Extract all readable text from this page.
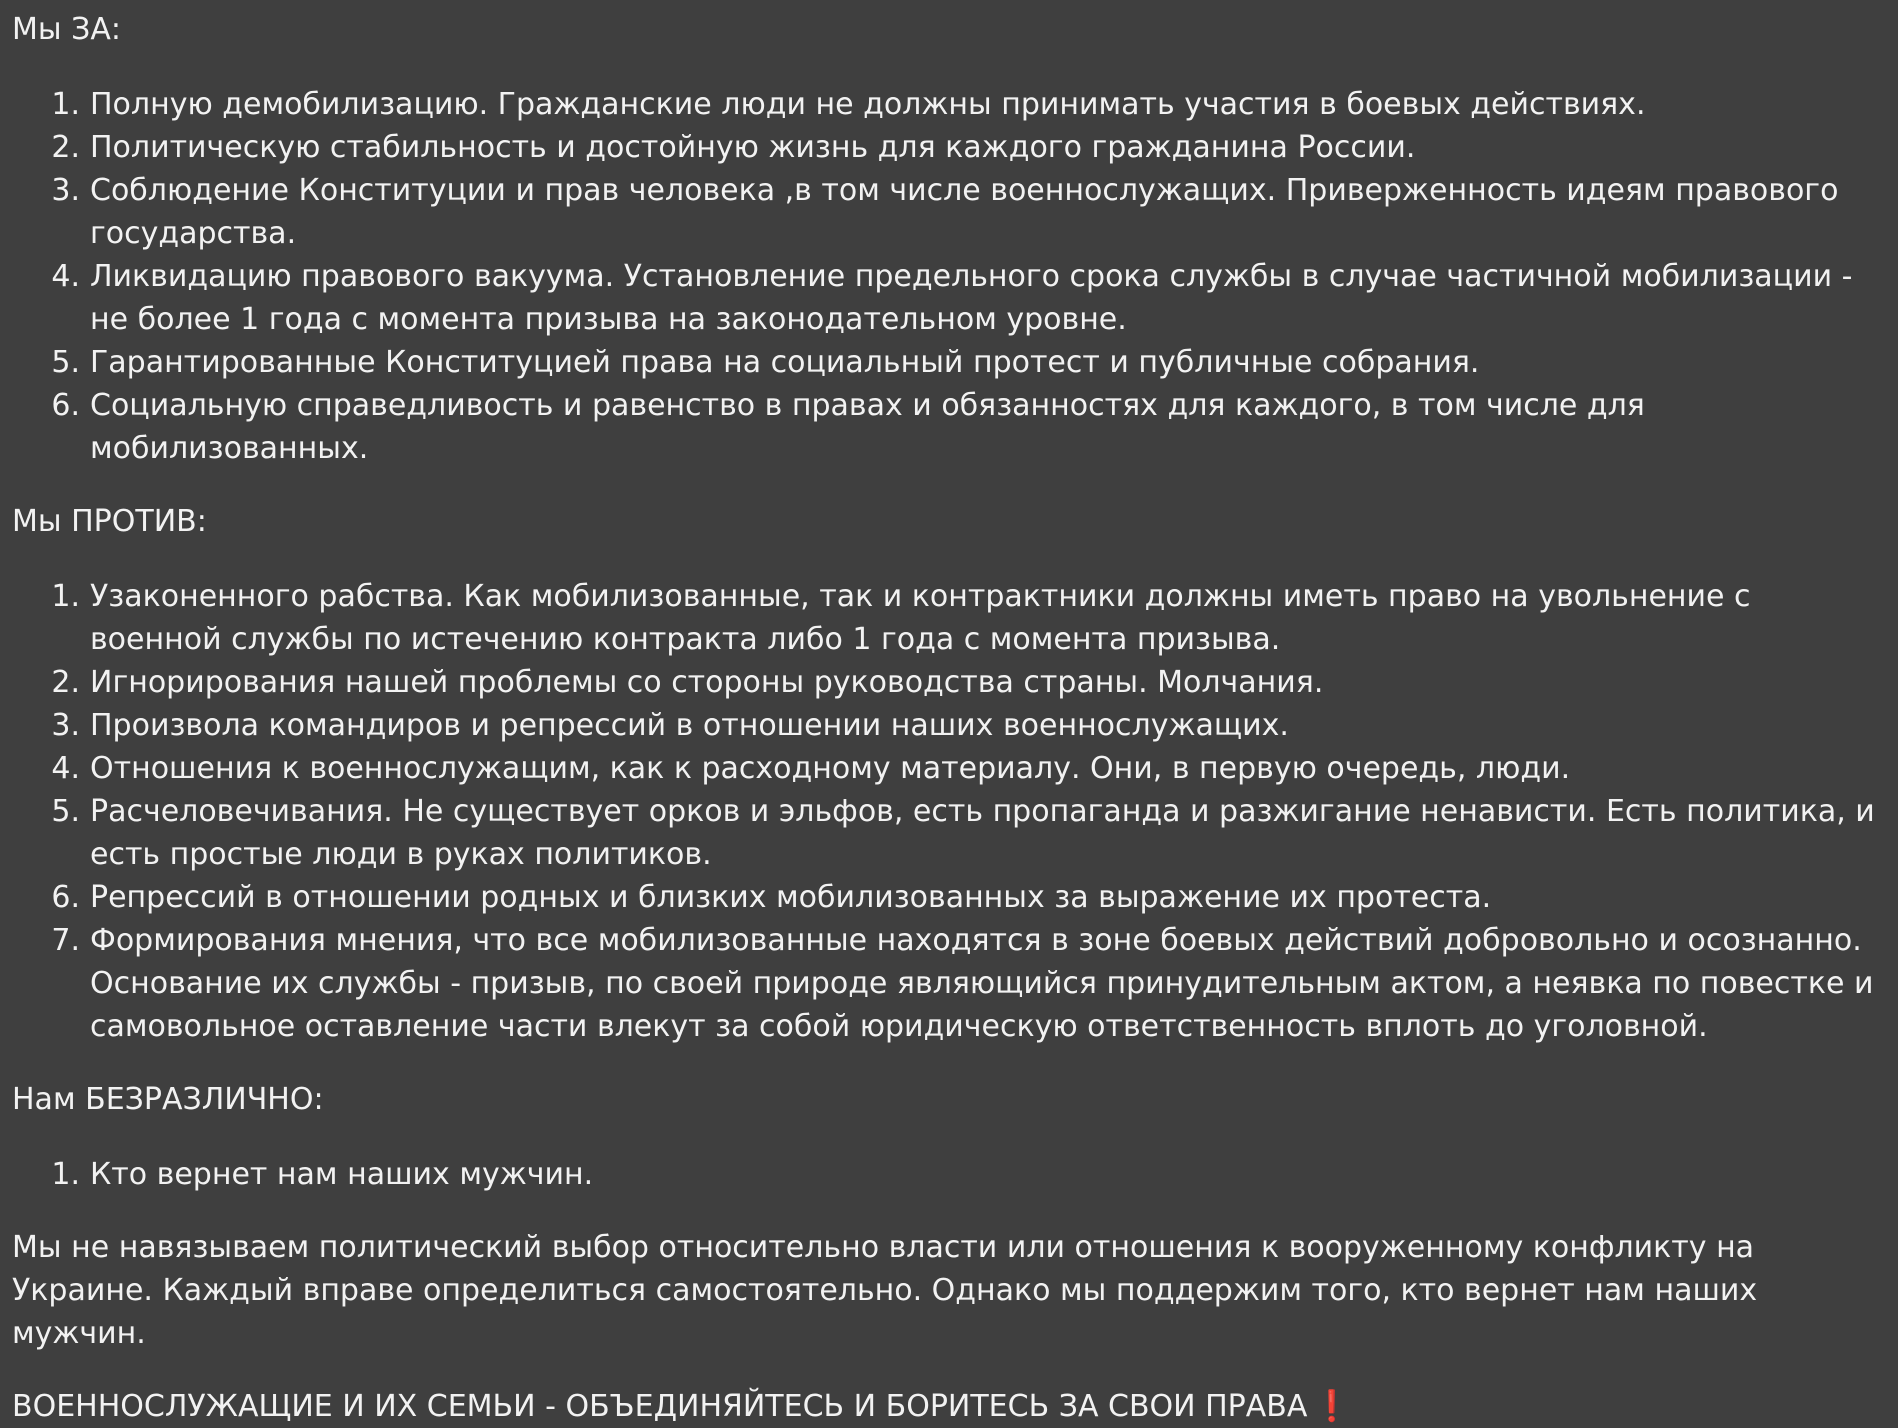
Мы ЗА:

1. Полную демобилизацию. Гражданские люди не должны принимать участия в боевых действиях.
2. Политическую стабильность и достойную жизнь для каждого гражданина России.
3. Соблюдение Конституции и прав человека ,в том числе военнослужащих. Приверженность идеям правового государства.
4. Ликвидацию правового вакуума. Установление предельного срока службы в случае частичной мобилизации - не более 1 года с момента призыва на законодательном уровне.
5. Гарантированные Конституцией права на социальный протест и публичные собрания.
6. Социальную справедливость и равенство в правах и обязанностях для каждого, в том числе для мобилизованных.

Мы ПРОТИВ:

1. Узаконенного рабства. Как мобилизованные, так и контрактники должны иметь право на увольнение с военной службы по истечению контракта либо 1 года с момента призыва.
2. Игнорирования нашей проблемы со стороны руководства страны. Молчания.
3. Произвола командиров и репрессий в отношении наших военнослужащих.
4. Отношения к военнослужащим, как к расходному материалу. Они, в первую очередь, люди.
5. Расчеловечивания. Не существует орков и эльфов, есть пропаганда и разжигание ненависти. Есть политика, и есть простые люди в руках политиков.
6. Репрессий в отношении родных и близких мобилизованных за выражение их протеста.
7. Формирования мнения, что все мобилизованные находятся в зоне боевых действий добровольно и осознанно. Основание их службы - призыв, по своей природе являющийся принудительным актом, а неявка по повестке и самовольное оставление части влекут за собой юридическую ответственность вплоть до уголовной.

Нам БЕЗРАЗЛИЧНО:

1. Кто вернет нам наших мужчин.

Мы не навязываем политический выбор относительно власти или отношения к вооруженному конфликту на Украине. Каждый вправе определиться самостоятельно. Однако мы поддержим того, кто вернет нам наших мужчин.

ВОЕННОСЛУЖАЩИЕ И ИХ СЕМЬИ - ОБЪЕДИНЯЙТЕСЬ И БОРИТЕСЬ ЗА СВОИ ПРАВА ❗
